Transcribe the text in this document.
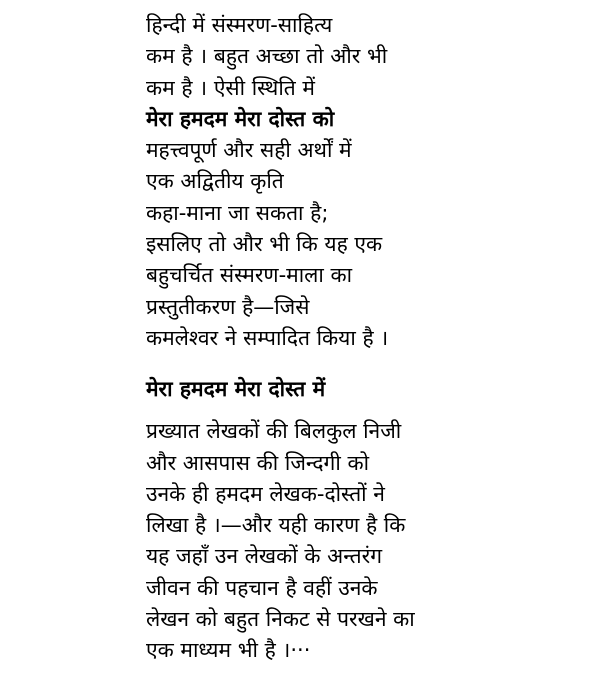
हिन्दी में संस्मरण-साहित्य

कम है । बहुत अच्छा तो और भी

कम है । ऐसी स्थिति में

मेरा हमदम मेरा दोस्त को

महत्त्वपूर्ण और सही अर्थों में

एक अद्वितीय कृति

कहा-माना जा सकता है;

इसलिए तो और भी कि यह एक

बहुचर्चित संस्मरण-माला का

प्रस्तुतीकरण है—जिसे

कमलेश्वर ने सम्पादित किया है ।

मेरा हमदम मेरा दोस्त में

प्रख्यात लेखकों की बिलकुल निजी

और आसपास की जिन्दगी को

उनके ही हमदम लेखक-दोस्तों ने

लिखा है ।—और यही कारण है कि

यह जहाँ उन लेखकों के अन्तरंग

जीवन की पहचान है वहीं उनके

लेखन को बहुत निकट से परखने का

एक माध्यम भी है ।···
